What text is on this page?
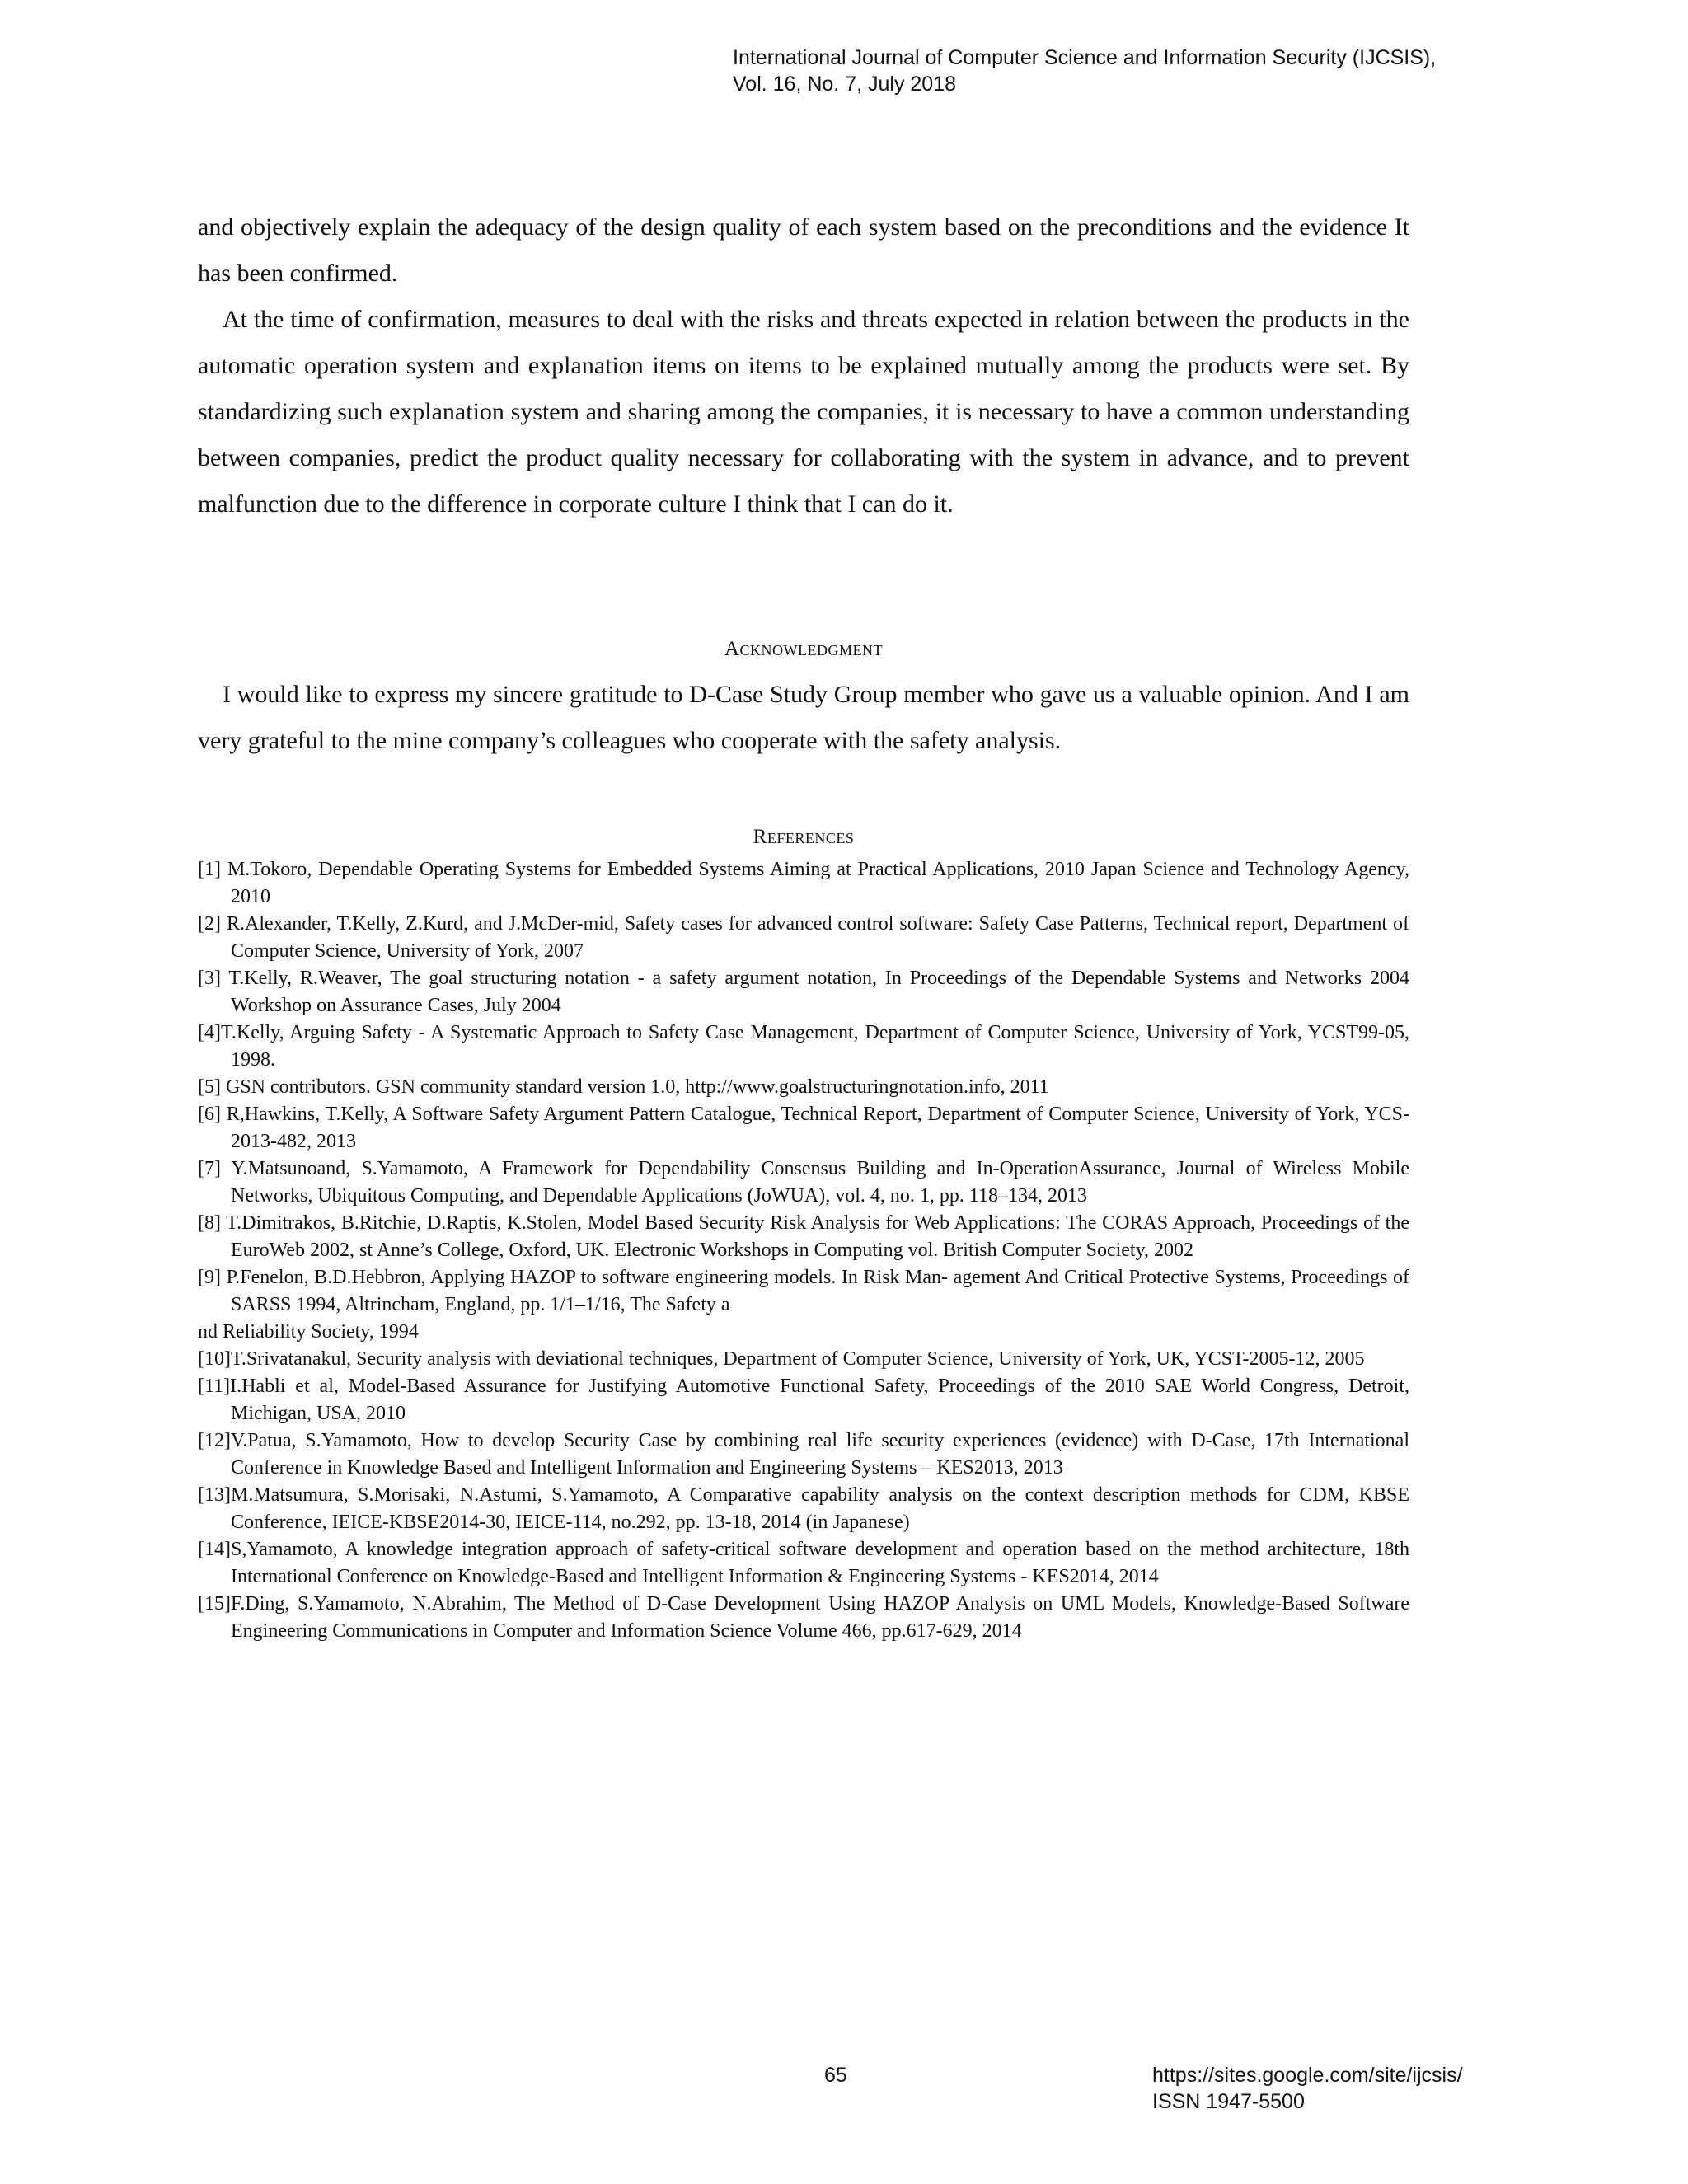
International Journal of Computer Science and Information Security (IJCSIS),
Vol. 16, No. 7, July 2018
and objectively explain the adequacy of the design quality of each system based on the preconditions and the evidence It has been confirmed.
At the time of confirmation, measures to deal with the risks and threats expected in relation between the products in the automatic operation system and explanation items on items to be explained mutually among the products were set. By standardizing such explanation system and sharing among the companies, it is necessary to have a common understanding between companies, predict the product quality necessary for collaborating with the system in advance, and to prevent malfunction due to the difference in corporate culture I think that I can do it.
Acknowledgment
I would like to express my sincere gratitude to D-Case Study Group member who gave us a valuable opinion. And I am very grateful to the mine company’s colleagues who cooperate with the safety analysis.
References
[1] M.Tokoro, Dependable Operating Systems for Embedded Systems Aiming at Practical Applications, 2010 Japan Science and Technology Agency, 2010
[2] R.Alexander, T.Kelly, Z.Kurd, and J.McDer-mid, Safety cases for advanced control software: Safety Case Patterns, Technical report, Department of Computer Science, University of York, 2007
[3] T.Kelly, R.Weaver, The goal structuring notation - a safety argument notation, In Proceedings of the Dependable Systems and Networks 2004 Workshop on Assurance Cases, July 2004
[4]T.Kelly, Arguing Safety - A Systematic Approach to Safety Case Management, Department of Computer Science, University of York, YCST99-05, 1998.
[5] GSN contributors. GSN community standard version 1.0, http://www.goalstructuringnotation.info, 2011
[6] R,Hawkins, T.Kelly, A Software Safety Argument Pattern Catalogue, Technical Report, Department of Computer Science, University of York, YCS-2013-482, 2013
[7] Y.Matsunoand, S.Yamamoto, A Framework for Dependability Consensus Building and In-OperationAssurance, Journal of Wireless Mobile Networks, Ubiquitous Computing, and Dependable Applications (JoWUA), vol. 4, no. 1, pp. 118–134, 2013
[8] T.Dimitrakos, B.Ritchie, D.Raptis, K.Stolen, Model Based Security Risk Analysis for Web Applications: The CORAS Approach, Proceedings of the EuroWeb 2002, st Anne’s College, Oxford, UK. Electronic Workshops in Computing vol. British Computer Society, 2002
[9] P.Fenelon, B.D.Hebbron, Applying HAZOP to software engineering models. In Risk Man- agement And Critical Protective Systems, Proceedings of SARSS 1994, Altrincham, England, pp. 1/1–1/16, The Safety a
nd Reliability Society, 1994
[10]T.Srivatanakul, Security analysis with deviational techniques, Department of Computer Science, University of York, UK, YCST-2005-12, 2005
[11]I.Habli et al, Model-Based Assurance for Justifying Automotive Functional Safety, Proceedings of the 2010 SAE World Congress, Detroit, Michigan, USA, 2010
[12]V.Patua, S.Yamamoto, How to develop Security Case by combining real life security experiences (evidence) with D-Case, 17th International Conference in Knowledge Based and Intelligent Information and Engineering Systems – KES2013, 2013
[13]M.Matsumura, S.Morisaki, N.Astumi, S.Yamamoto, A Comparative capability analysis on the context description methods for CDM, KBSE Conference, IEICE-KBSE2014-30, IEICE-114, no.292, pp. 13-18, 2014 (in Japanese)
[14]S,Yamamoto, A knowledge integration approach of safety-critical software development and operation based on the method architecture, 18th International Conference on Knowledge-Based and Intelligent Information & Engineering Systems - KES2014, 2014
[15]F.Ding, S.Yamamoto, N.Abrahim, The Method of D-Case Development Using HAZOP Analysis on UML Models, Knowledge-Based Software Engineering Communications in Computer and Information Science Volume 466, pp.617-629, 2014
65	https://sites.google.com/site/ijcsis/
ISSN 1947-5500
